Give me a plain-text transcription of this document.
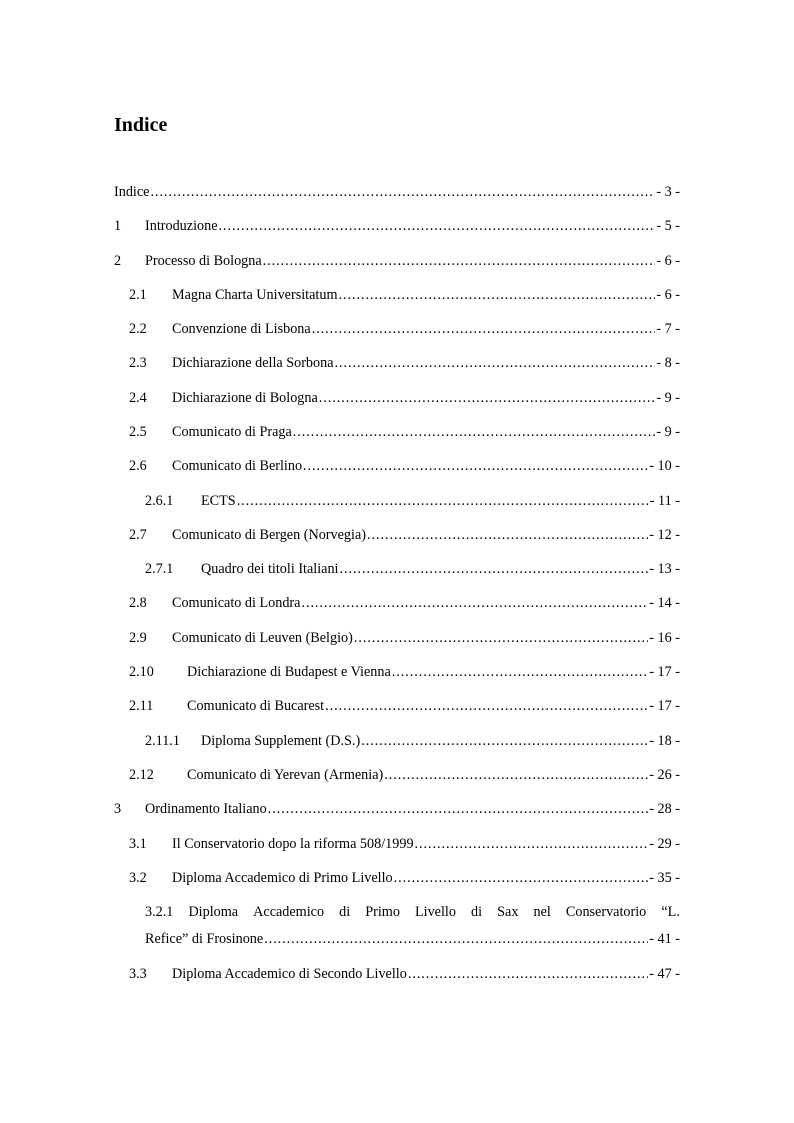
Indice
Indice . . .	- 3 -
1	Introduzione . . .	- 5 -
2	Processo di Bologna . . .	- 6 -
2.1	Magna Charta Universitatum . . .	- 6 -
2.2	Convenzione di Lisbona . . .	- 7 -
2.3	Dichiarazione della Sorbona . . .	- 8 -
2.4	Dichiarazione di Bologna . . .	- 9 -
2.5	Comunicato di Praga . . .	- 9 -
2.6	Comunicato di Berlino . . .	- 10 -
2.6.1	ECTS . . .	- 11 -
2.7	Comunicato di Bergen (Norvegia) . . .	- 12 -
2.7.1	Quadro dei titoli Italiani . . .	- 13 -
2.8	Comunicato di Londra . . .	- 14 -
2.9	Comunicato di Leuven (Belgio) . . .	- 16 -
2.10	Dichiarazione di Budapest e Vienna . . .	- 17 -
2.11	Comunicato di Bucarest . . .	- 17 -
2.11.1	Diploma Supplement (D.S.) . . .	- 18 -
2.12	Comunicato di Yerevan (Armenia) . . .	- 26 -
3	Ordinamento Italiano . . .	- 28 -
3.1	Il Conservatorio dopo la riforma 508/1999 . . .	- 29 -
3.2	Diploma Accademico di Primo Livello . . .	- 35 -
3.2.1 Diploma Accademico di Primo Livello di Sax nel Conservatorio “L.
Refice” di Frosinone . . .	- 41 -
3.3	Diploma Accademico di Secondo Livello . . .	- 47 -
